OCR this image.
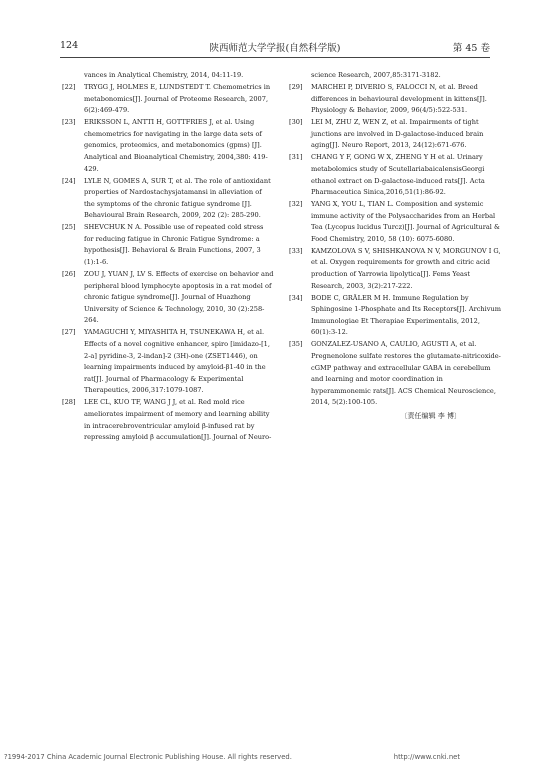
124	陕西师范大学学报(自然科学版)	第 45 卷
vances in Analytical Chemistry, 2014, 04:11-19.
[22] TRYGG J, HOLMES E, LUNDSTEDT T. Chemometrics in metabonomics[J]. Journal of Proteome Research, 2007, 6(2):469-479.
[23] ERIKSSON L, ANTTI H, GOTTFRIES J, et al. Using chemometrics for navigating in the large data sets of genomics, proteomics, and metabonomics (gpms) [J]. Analytical and Bioanalytical Chemistry, 2004,380: 419-429.
[24] LYLE N, GOMES A, SUR T, et al. The role of antioxidant properties of Nardostachysjatamansi in alleviation of the symptoms of the chronic fatigue syndrome [J]. Behavioural Brain Research, 2009, 202 (2): 285-290.
[25] SHEVCHUK N A. Possible use of repeated cold stress for reducing fatigue in Chronic Fatigue Syndrome: a hypothesis[J]. Behavioral & Brain Functions, 2007, 3 (1):1-6.
[26] ZOU J, YUAN J, LV S. Effects of exercise on behavior and peripheral blood lymphocyte apoptosis in a rat model of chronic fatigue syndrome[J]. Journal of Huazhong University of Science & Technology, 2010, 30 (2):258-264.
[27] YAMAGUCHI Y, MIYASHITA H, TSUNEKAWA H, et al. Effects of a novel cognitive enhancer, spiro [imidazo-[1, 2-a] pyridine-3, 2-indan]-2 (3H)-one (ZSET1446), on learning impairments induced by amyloid-β1-40 in the rat[J]. Journal of Pharmacology & Experimental Therapeutics, 2006,317:1079-1087.
[28] LEE CL, KUO TF, WANG J J, et al. Red mold rice ameliorates impairment of memory and learning ability in intracerebroventricular amyloid β-infused rat by repressing amyloid β accumulation[J]. Journal of Neuro-
science Research, 2007,85:3171-3182.
[29] MARCHEI P, DIVERIO S, FALOCCI N, et al. Breed differences in behavioural development in kittens[J]. Physiology & Behavior, 2009, 96(4/5):522-531.
[30] LEI M, ZHU Z, WEN Z, et al. Impairments of tight junctions are involved in D-galactose-induced brain aging[J]. Neuro Report, 2013, 24(12):671-676.
[31] CHANG Y F, GONG W X, ZHENG Y H et al. Urinary metabolomics study of ScutellariabaicalensisGeorgi ethanol extract on D-galactose-induced rats[J]. Acta Pharmaceutica Sinica,2016,51(1):86-92.
[32] YANG X, YOU L, TIAN L. Composition and systemic immune activity of the Polysaccharides from an Herbal Tea (Lycopus lucidus Turcz)[J]. Journal of Agricultural & Food Chemistry, 2010, 58 (10): 6075-6080.
[33] KAMZOLOVA S V, SHISHKANOVA N V, MORGUNOV I G, et al. Oxygen requirements for growth and citric acid production of Yarrowia lipolytica[J]. Fems Yeast Research, 2003, 3(2):217-222.
[34] BODE C, GRÄLER M H. Immune Regulation by Sphingosine 1-Phosphate and Its Receptors[J]. Archivum Immunologiae Et Therapiae Experimentalis, 2012, 60(1):3-12.
[35] GONZALEZ-USANO A, CAULIO, AGUSTI A, et al. Pregnenolone sulfate restores the glutamate-nitricoxide-cGMP pathway and extracellular GABA in cerebellum and learning and motor coordination in hyperammonemic rats[J]. ACS Chemical Neuroscience, 2014, 5(2):100-105.
〔责任编辑 李 博〕
?1994-2017 China Academic Journal Electronic Publishing House. All rights reserved.	http://www.cnki.net
